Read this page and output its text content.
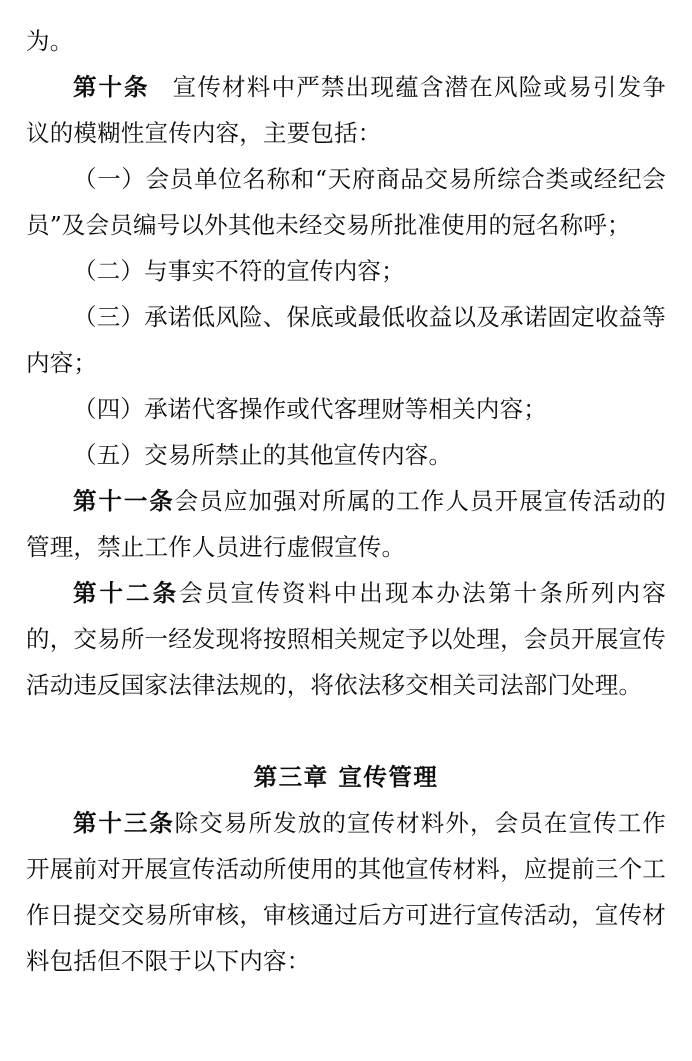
为。

第十条 宣传材料中严禁出现蕴含潜在风险或易引发争议的模糊性宣传内容，主要包括：

（一）会员单位名称和“天府商品交易所综合类或经纪会员”及会员编号以外其他未经交易所批准使用的冠名称呼；

（二）与事实不符的宣传内容；

（三）承诺低风险、保底或最低收益以及承诺固定收益等内容；

（四）承诺代客操作或代客理财等相关内容；

（五）交易所禁止的其他宣传内容。

第十一条会员应加强对所属的工作人员开展宣传活动的管理，禁止工作人员进行虚假宣传。

第十二条会员宣传资料中出现本办法第十条所列内容的，交易所一经发现将按照相关规定予以处理，会员开展宣传活动违反国家法律法规的，将依法移交相关司法部门处理。

第三章 宣传管理

第十三条除交易所发放的宣传材料外，会员在宣传工作开展前对开展宣传活动所使用的其他宣传材料，应提前三个工作日提交交易所审核，审核通过后方可进行宣传活动，宣传材料包括但不限于以下内容：
